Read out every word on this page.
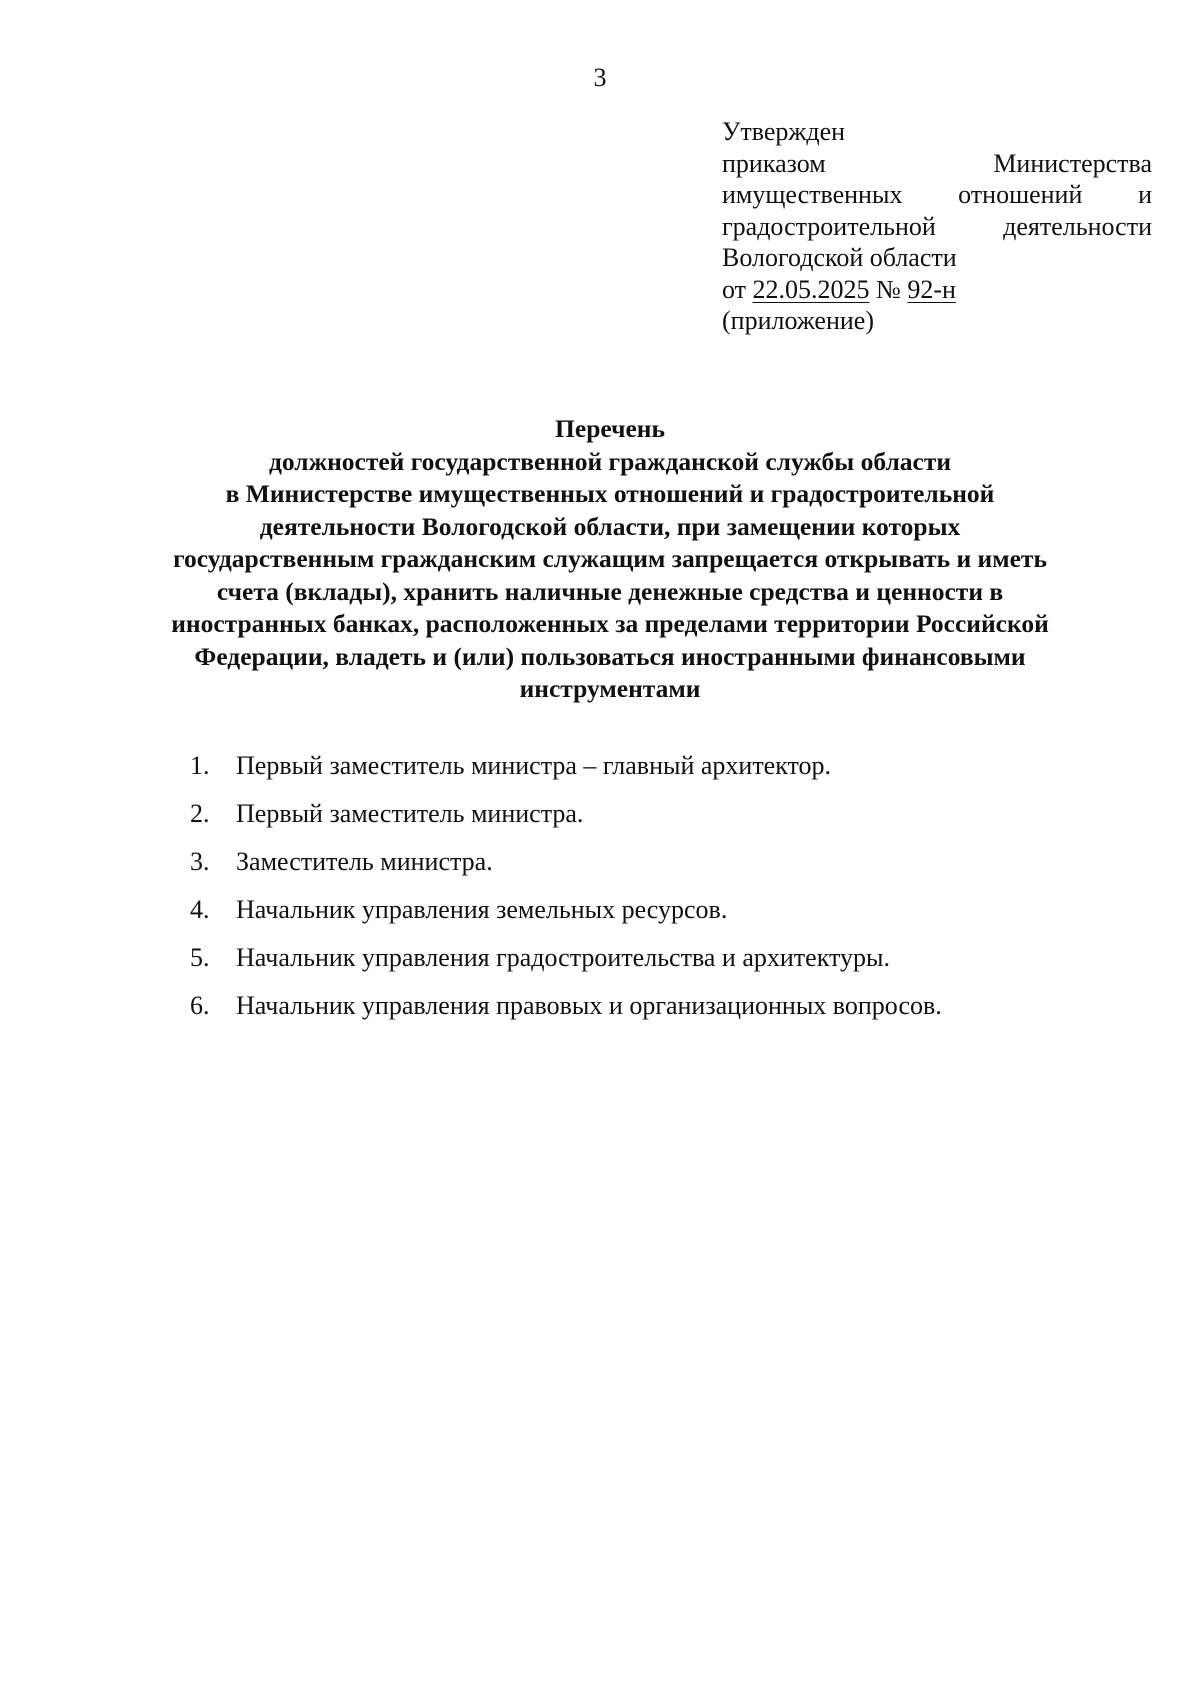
3
Утвержден
приказом	Министерства
имущественных отношений и
градостроительной	деятельности
Вологодской области
от 22.05.2025 № 92-н
(приложение)
Перечень
должностей государственной гражданской службы области
в Министерстве имущественных отношений и градостроительной
деятельности Вологодской области, при замещении которых
государственным гражданским служащим запрещается открывать и иметь
счета (вклады), хранить наличные денежные средства и ценности в
иностранных банках, расположенных за пределами территории Российской
Федерации, владеть и (или) пользоваться иностранными финансовыми
инструментами
1.	Первый заместитель министра – главный архитектор.
2.	Первый заместитель министра.
3.	Заместитель министра.
4.	Начальник управления земельных ресурсов.
5.	Начальник управления градостроительства и архитектуры.
6.	Начальник управления правовых и организационных вопросов.
